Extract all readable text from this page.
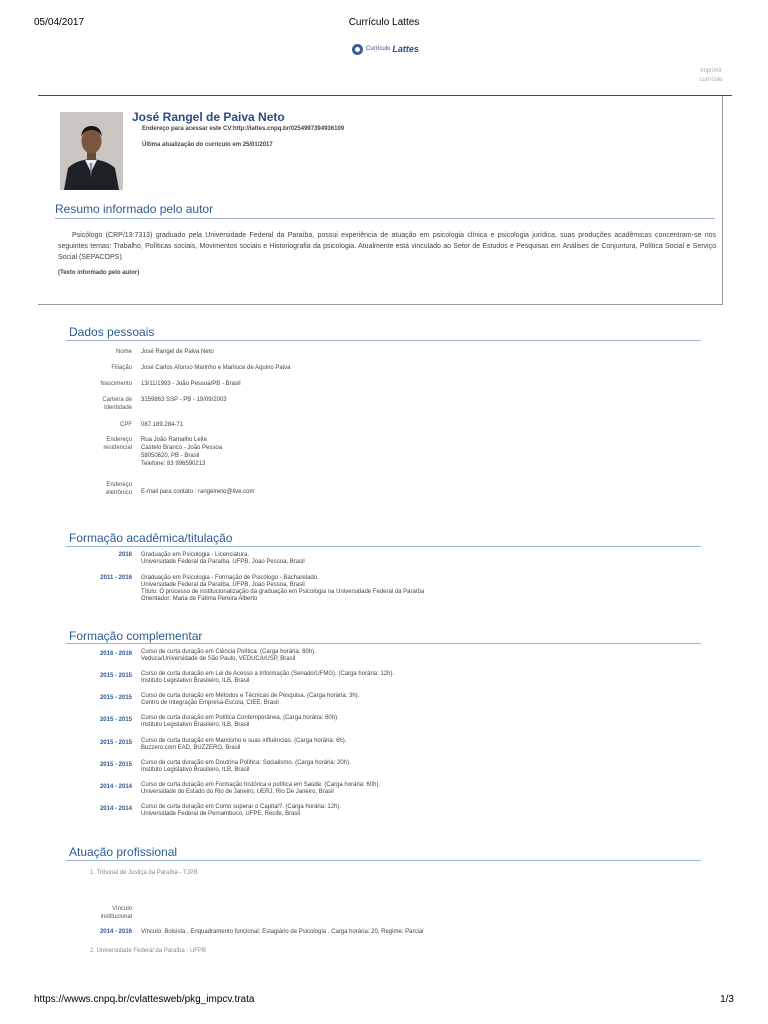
05/04/2017	Currículo Lattes
Currículo Lattes
Imprimir
currículo
José Rangel de Paiva Neto
Endereço para acessar este CV:http://lattes.cnpq.br/0254997394936109
Última atualização do currículo em 25/01/2017
Resumo informado pelo autor
Psicólogo (CRP/13:7313) graduado pela Universidade Federal da Paraíba, possui experiência de atuação em psicologia clínica e psicologia jurídica, suas produções acadêmicas concentram-se nos seguintes temas: Trabalho, Políticas sociais, Movimentos sociais e Historiografia da psicologia. Atualmente está vinculado ao Setor de Estudos e Pesquisas em Análises de Conjuntura, Política Social e Serviço Social (SEPACOPS).
(Texto informado pelo autor)
Dados pessoais
Nome José Rangel de Paiva Neto
Filiação José Carlos Afonso Marinho e Mariluce de Aquino Paiva
Nascimento 13/11/1993 - João Pessoa/PB - Brasil
Carteira de
Identidade
3159863 SSP - PB - 19/09/2003
CPF 087.189.284-71
Endereço
residencial
Rua João Ramalho Leite
Castelo Branco - João Pessoa
58050620, PB - Brasil
Telefone: 83 996590213
Endereço
eletrônico E-mail para contato : rangelneto@live.com
Formação acadêmica/titulação
2016 Graduação em Psicologia - Licenciatura.
Universidade Federal da Paraíba, UFPB, Joao Pessoa, Brasil
2011 - 2016 Graduação em Psicologia - Formação de Psicólogo - Bacharelado.
Universidade Federal da Paraíba, UFPB, Joao Pessoa, Brasil
Título: O processo de institucionalização da graduação em Psicologia na Universidade Federal da Paraíba
Orientador: Maria de Fátima Pereira Alberto
Formação complementar
2016 - 2016 Curso de curta duração em Ciência Política. (Carga horária: 60h).
Veduca/Universidade de São Paulo, VEDUCA/USP, Brasil
2015 - 2015 Curso de curta duração em Lei de Acesso a Informação (Senado/UFMG). (Carga horária: 12h).
Instituto Legislativo Brasileiro, ILB, Brasil
2015 - 2015 Curso de curta duração em Métodos e Técnicas de Pesquisa. (Carga horária: 3h).
Centro de Integração Empresa-Escola, CIEE, Brasil
2015 - 2015 Curso de curta duração em Política Contemporânea. (Carga horária: 60h).
Instituto Legislativo Brasileiro, ILB, Brasil
2015 - 2015 Curso de curta duração em Marxismo e suas influências. (Carga horária: 6h).
Buzzero.com EAD, BUZZERO, Brasil
2015 - 2015 Curso de curta duração em Doutrina Política: Socialismo. (Carga horária: 20h).
Instituto Legislativo Brasileiro, ILB, Brasil
2014 - 2014 Curso de curta duração em Formação histórica e política em Saúde. (Carga horária: 60h).
Universidade do Estado do Rio de Janeiro, UERJ, Rio De Janeiro, Brasil
2014 - 2014 Curso de curta duração em Como superar o Capital?. (Carga horária: 12h).
Universidade Federal de Pernambuco, UFPE, Recife, Brasil
Atuação profissional
1. Tribunal de Justiça da Paraíba - TJPB
Vínculo
institucional
2014 - 2016 Vínculo: Bolsista , Enquadramento funcional: Estagiário de Psicologia , Carga horária: 20, Regime: Parcial
2. Universidade Federal da Paraíba - UFPB
https://wwws.cnpq.br/cvlattesweb/pkg_impcv.trata	1/3
